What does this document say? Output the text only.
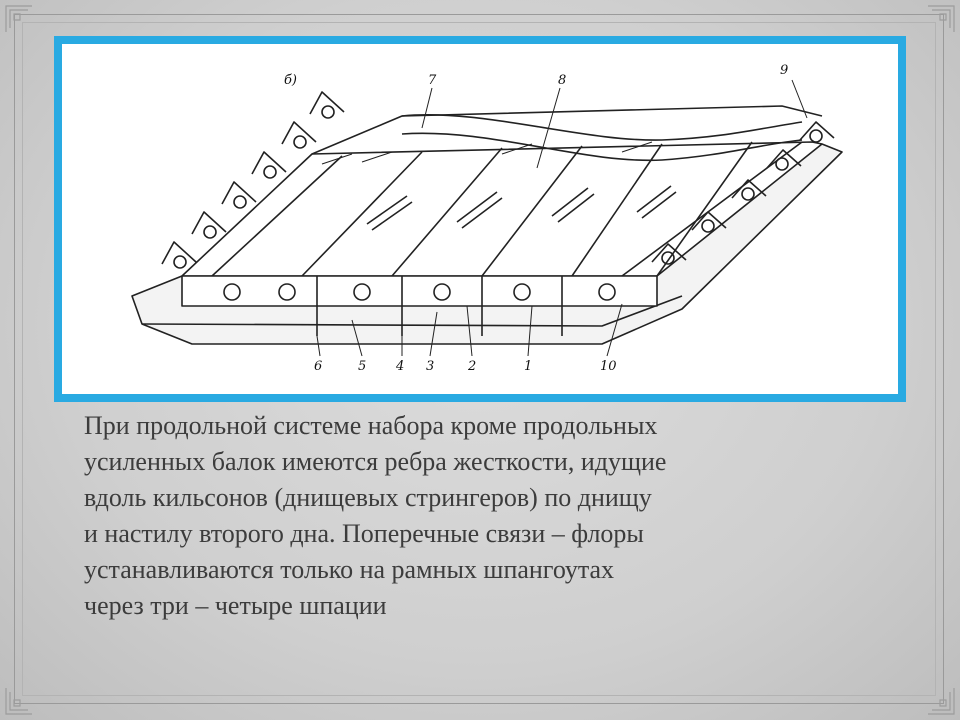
б)	7	8
9
6	5 4 3	2	1	10

При продольной системе набора кроме продольных

усиленных балок имеются ребра жесткости, идущие

вдоль кильсонов (днищевых стрингеров) по днищу

и настилу второго дна. Поперечные связи – флоры

устанавливаются только на рамных шпангоутах

через три – четыре шпации
